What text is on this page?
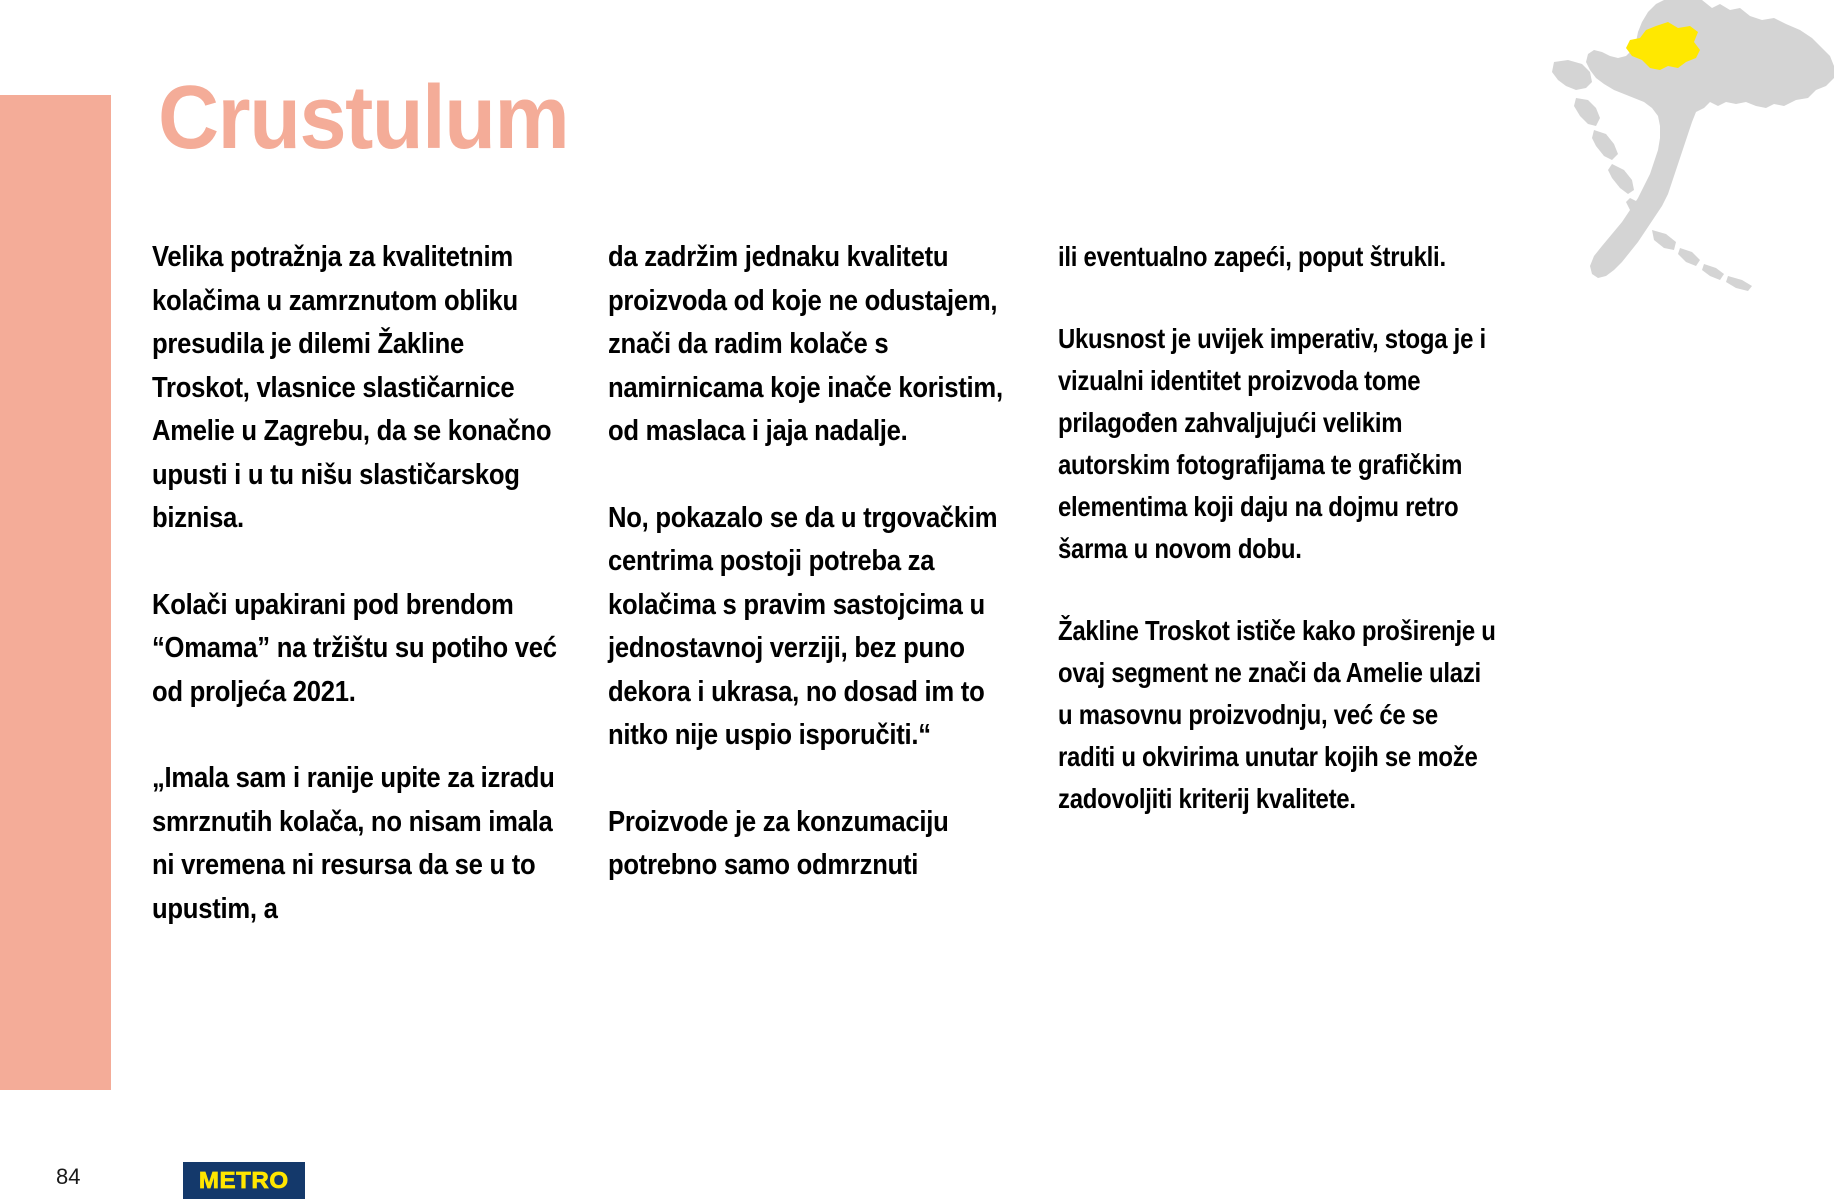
Crustulum

Velika potražnja za kvalitetnim kolačima u zamrznutom obliku presudila je dilemi Žakline Troskot, vlasnice slastičarnice Amelie u Zagrebu, da se konačno upusti i u tu nišu slastičarskog biznisa.

Kolači upakirani pod brendom “Omama” na tržištu su potiho već od proljeća 2021.

„Imala sam i ranije upite za izradu smrznutih kolača, no nisam imala ni vremena ni resursa da se u to upustim, a

da zadržim jednaku kvalitetu proizvoda od koje ne odustajem, znači da radim kolače s namirnicama koje inače koristim, od maslaca i jaja nadalje.

No, pokazalo se da u trgovačkim centrima postoji potreba za kolačima s pravim sastojcima u jednostavnoj verziji, bez puno dekora i ukrasa, no dosad im to nitko nije uspio isporučiti.“

Proizvode je za konzumaciju potrebno samo odmrznuti

ili eventualno zapeći, poput štrukli.

Ukusnost je uvijek imperativ, stoga je i vizualni identitet proizvoda tome prilagođen zahvaljujući velikim autorskim fotografijama te grafičkim elementima koji daju na dojmu retro šarma u novom dobu.

Žakline Troskot ističe kako proširenje u ovaj segment ne znači da Amelie ulazi u masovnu proizvodnju, već će se raditi u okvirima unutar kojih se može zadovoljiti kriterij kvalitete.

84	METRO
